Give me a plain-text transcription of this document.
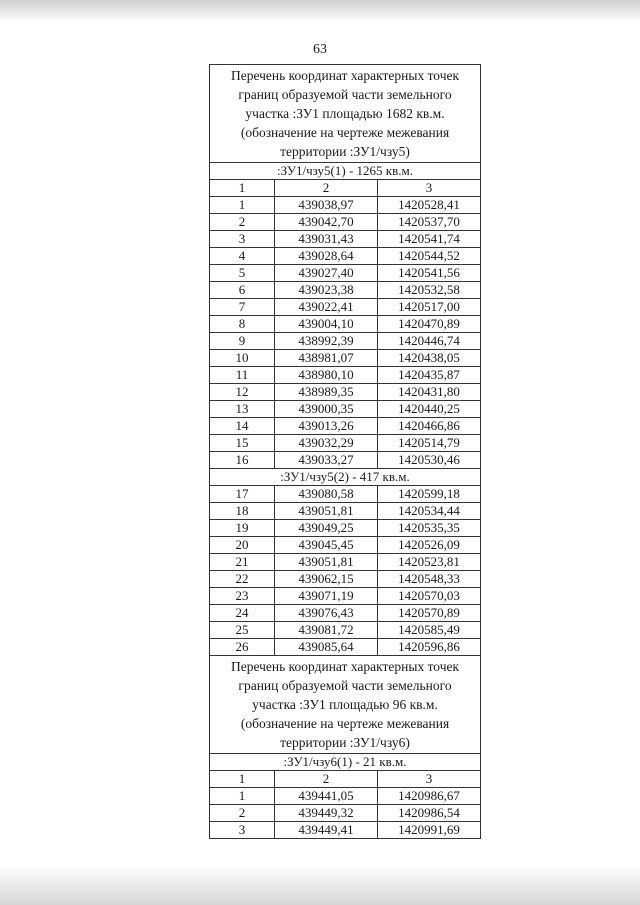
63
Перечень координат характерных точек границ образуемой части земельного участка :ЗУ1 площадью 1682 кв.м. (обозначение на чертеже межевания территории :ЗУ1/чзу5)		
:ЗУ1/чзу5(1) - 1265 кв.м.		
1	2	3
1	439038,97	1420528,41
2	439042,70	1420537,70
3	439031,43	1420541,74
4	439028,64	1420544,52
5	439027,40	1420541,56
6	439023,38	1420532,58
7	439022,41	1420517,00
8	439004,10	1420470,89
9	438992,39	1420446,74
10	438981,07	1420438,05
11	438980,10	1420435,87
12	438989,35	1420431,80
13	439000,35	1420440,25
14	439013,26	1420466,86
15	439032,29	1420514,79
16	439033,27	1420530,46
:ЗУ1/чзу5(2) - 417 кв.м.		
17	439080,58	1420599,18
18	439051,81	1420534,44
19	439049,25	1420535,35
20	439045,45	1420526,09
21	439051,81	1420523,81
22	439062,15	1420548,33
23	439071,19	1420570,03
24	439076,43	1420570,89
25	439081,72	1420585,49
26	439085,64	1420596,86
Перечень координат характерных точек границ образуемой части земельного участка :ЗУ1 площадью 96 кв.м. (обозначение на чертеже межевания территории :ЗУ1/чзу6)		
:ЗУ1/чзу6(1) - 21 кв.м.		
1	2	3
1	439441,05	1420986,67
2	439449,32	1420986,54
3	439449,41	1420991,69
